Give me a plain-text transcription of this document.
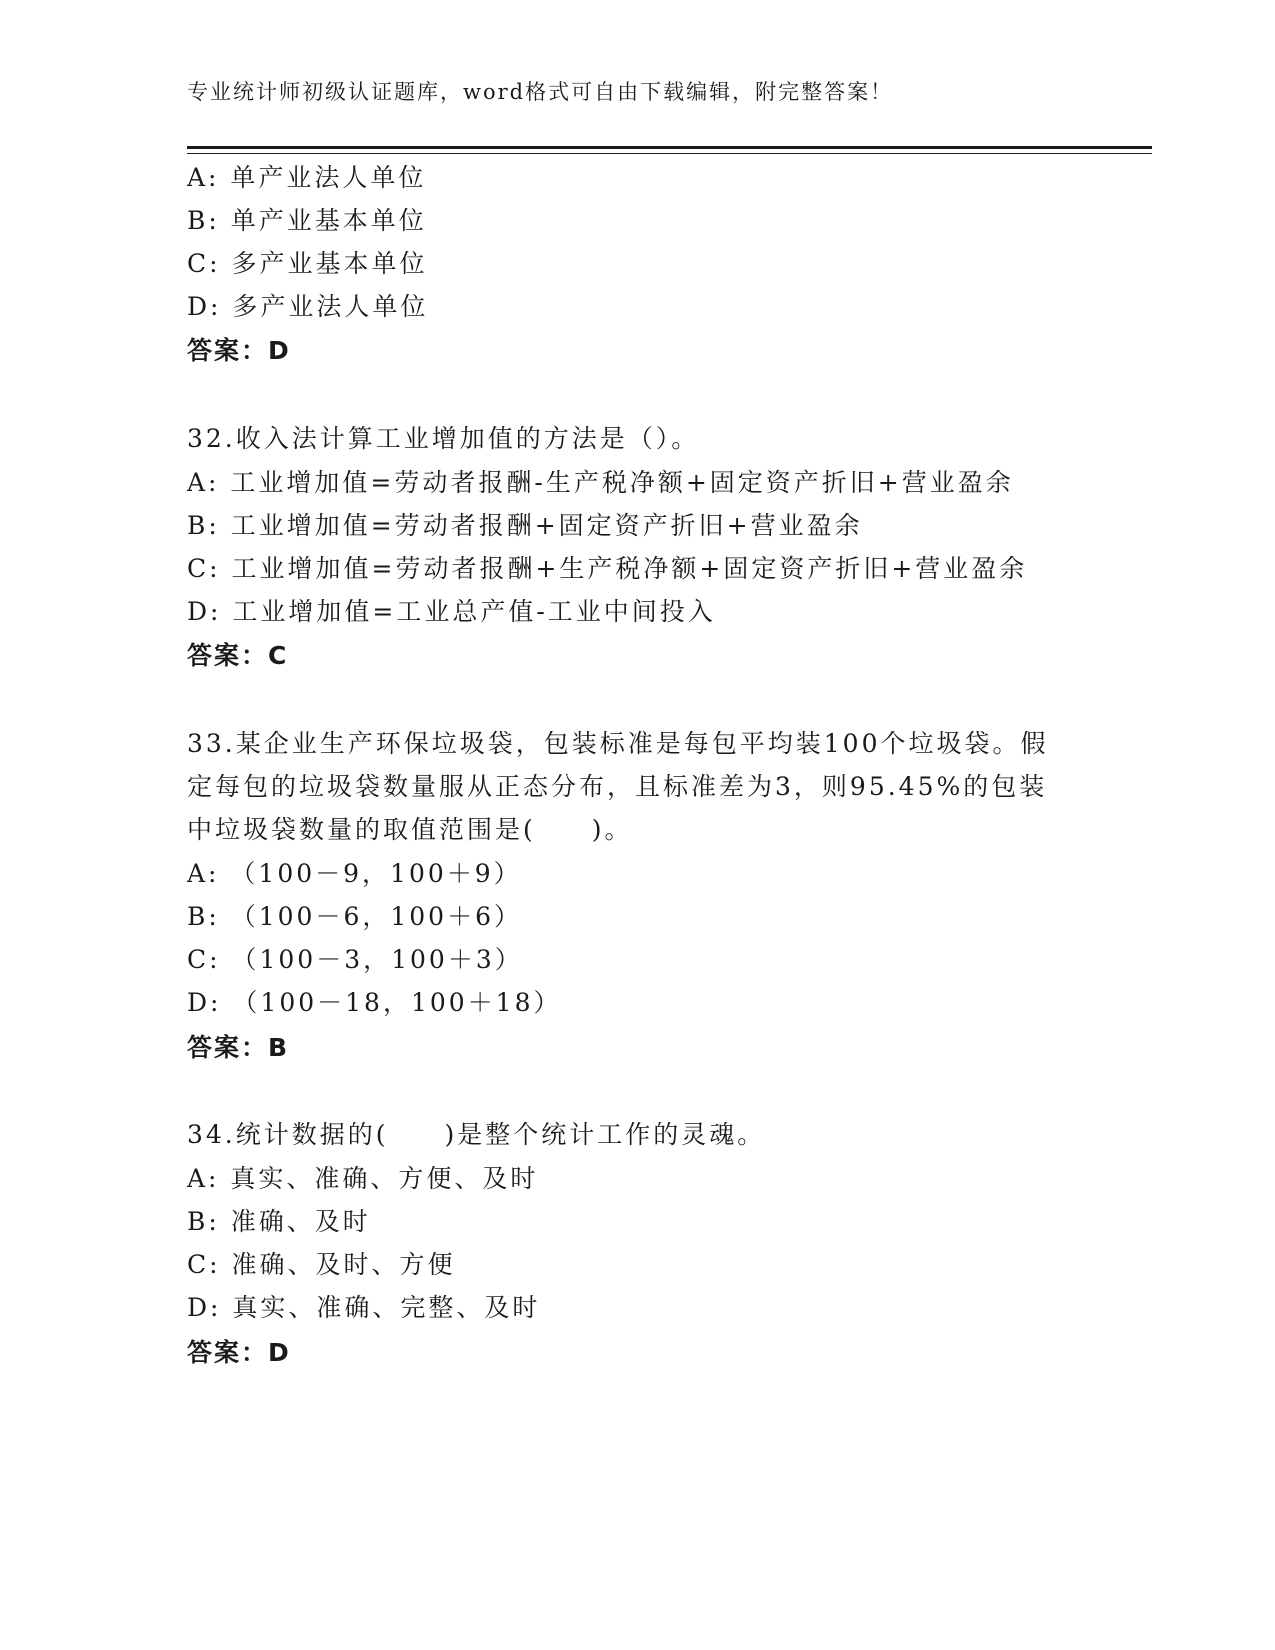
专业统计师初级认证题库，word格式可自由下载编辑，附完整答案！
A: 单产业法人单位
B: 单产业基本单位
C: 多产业基本单位
D: 多产业法人单位
答案：D
32.收入法计算工业增加值的方法是（）。
A: 工业增加值=劳动者报酬-生产税净额+固定资产折旧+营业盈余
B: 工业增加值=劳动者报酬+固定资产折旧+营业盈余
C: 工业增加值=劳动者报酬+生产税净额+固定资产折旧+营业盈余
D: 工业增加值=工业总产值-工业中间投入
答案：C
33.某企业生产环保垃圾袋，包装标准是每包平均装100个垃圾袋。假
定每包的垃圾袋数量服从正态分布，且标准差为3，则95.45%的包装
中垃圾袋数量的取值范围是(　　)。
A: （100－9，100＋9）
B: （100－6，100＋6）
C: （100－3，100＋3）
D: （100－18，100＋18）
答案：B
34.统计数据的(　　)是整个统计工作的灵魂。
A: 真实、准确、方便、及时
B: 准确、及时
C: 准确、及时、方便
D: 真实、准确、完整、及时
答案：D
